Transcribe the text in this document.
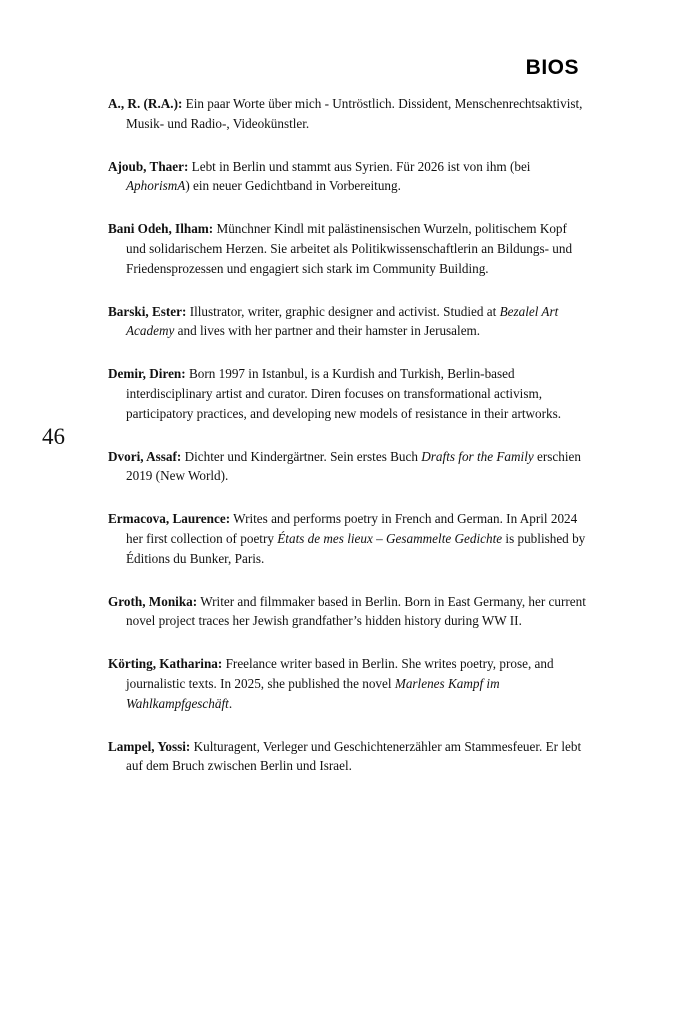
BIOS
46

A., R. (R.A.): Ein paar Worte über mich - Untröstlich. Dissident, Menschenrechtsaktivist, Musik- und Radio-, Videokünstler.

Ajoub, Thaer: Lebt in Berlin und stammt aus Syrien. Für 2026 ist von ihm (bei AphorismA) ein neuer Gedichtband in Vorbereitung.

Bani Odeh, Ilham: Münchner Kindl mit palästinensischen Wurzeln, politischem Kopf und solidarischem Herzen. Sie arbeitet als Politikwissenschaftlerin an Bildungs- und Friedensprozessen und engagiert sich stark im Community Building.

Barski, Ester: Illustrator, writer, graphic designer and activist. Studied at Bezalel Art Academy and lives with her partner and their hamster in Jerusalem.

Demir, Diren: Born 1997 in Istanbul, is a Kurdish and Turkish, Berlin-based interdisciplinary artist and curator. Diren focuses on transformational activism, participatory practices, and developing new models of resistance in their artworks.

Dvori, Assaf: Dichter und Kindergärtner. Sein erstes Buch Drafts for the Family erschien 2019 (New World).

Ermacova, Laurence: Writes and performs poetry in French and German. In April 2024 her first collection of poetry États de mes lieux – Gesammelte Gedichte is published by Éditions du Bunker, Paris.

Groth, Monika: Writer and filmmaker based in Berlin. Born in East Germany, her current novel project traces her Jewish grandfather’s hidden history during WW II.

Körting, Katharina: Freelance writer based in Berlin. She writes poetry, prose, and journalistic texts. In 2025, she published the novel Marlenes Kampf im Wahlkampfgeschäft.

Lampel, Yossi: Kulturagent, Verleger und Geschichtenerzähler am Stammesfeuer. Er lebt auf dem Bruch zwischen Berlin und Israel.
